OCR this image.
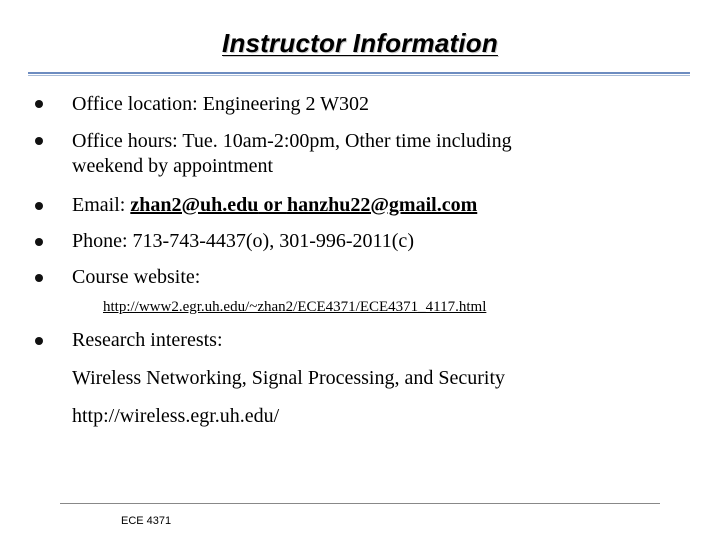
Instructor Information
Office location: Engineering 2 W302
Office hours: Tue. 10am-2:00pm, Other time including
weekend by appointment
Email: zhan2@uh.edu or hanzhu22@gmail.com
Phone: 713-743-4437(o), 301-996-2011(c)
Course website:
http://www2.egr.uh.edu/~zhan2/ECE4371/ECE4371_4117.html
Research interests:
Wireless Networking, Signal Processing, and Security
http://wireless.egr.uh.edu/
ECE 4371
